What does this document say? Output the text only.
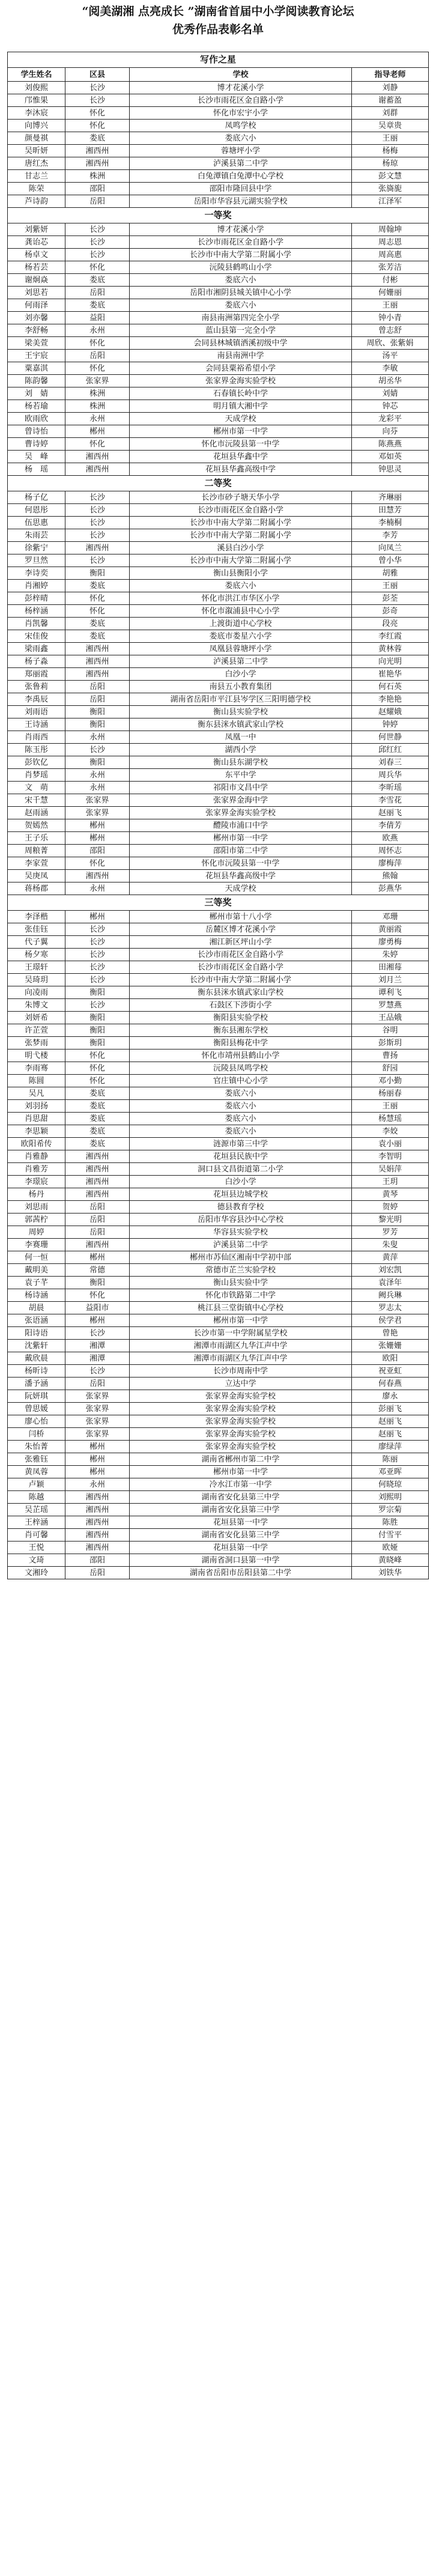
“阅美湖湘 点亮成长 ”湖南省首届中小学阅读教育论坛
优秀作品表彰名单
写作之星			
学生姓名	区县	学校	指导老师
刘俊熙	长沙	博才花溪小学	刘静
邝惟果	长沙	长沙市雨花区金自路小学	谢蓄盈
李沐宸	怀化	怀化市宏宇小学	刘群
向博兴	怀化	凤鸣学校	吴章贵
颜曼祺	娄底	娄底六小	王丽
吴昕妍	湘西州	蓉塘坪小学	杨梅
唐红杰	湘西州	泸溪县第二中学	杨琼
甘志兰	株洲	白兔潭镇白兔潭中心学校	彭文慧
陈荣	邵阳	邵阳市隆回县中学	张旖旎
芦诗韵	岳阳	岳阳市华容县元湖实验学校	江泽军
一等奖			
刘紫妍	长沙	博才花溪小学	周翰坤
龚诒芯	长沙	长沙市雨花区金自路小学	周志恩
杨卓文	长沙	长沙市中南大学第二附属小学	周高惠
杨若芸	怀化	沅陵县鹤鸣山小学	张芳洁
谢炯焱	娄底	娄底六小	付彬
刘思若	岳阳	岳阳市湘阴县城关镇中心小学	何姗丽
何雨泽	娄底	娄底六小	王丽
刘亦馨	益阳	南县南洲第四完全小学	钟小青
李舒畅	永州	蓝山县第一完全小学	曾志舒
梁美萱	怀化	会同县林城镇洒溪初级中学	周欣、张紫娟
王宇宸	岳阳	南县南洲中学	汤平
粟嘉淇	怀化	会同县粟裕希望小学	李敏
陈韵馨	张家界	张家界金海实验学校	胡丞华
刘　婧	株洲	石春镇长岭中学	刘婧
杨若瑜	株洲	明月镇大湘中学	钟芯
欧雨欣	永州	天成学校	龙彩平
曾诗怡	郴州	郴州市第一中学	向芬
曹诗婷	怀化	怀化市沅陵县第一中学	陈燕燕
吴　峰	湘西州	花垣县华鑫中学	邓如英
杨　瑶	湘西州	花垣县华鑫高级中学	钟思灵
二等奖			
杨子亿	长沙	长沙市砂子塘天华小学	齐琳丽
何恩彤	长沙	长沙市雨花区金自路小学	田慧芳
伍思惠	长沙	长沙市中南大学第二附属小学	李楠桐
朱雨芸	长沙	长沙市中南大学第二附属小学	李芳
徐紫宁	湘西州	溪县白沙小学	向凤兰
罗旦然	长沙	长沙市中南大学第二附属小学	曾小华
李诗奕	衡阳	衡山县衡阳小学	胡雅
肖湘婷	娄底	娄底六小	王丽
彭梓晴	怀化	怀化市洪江市华区小学	彭荃
杨梓涵	怀化	怀化市溆浦县中心小学	彭奇
肖凯馨	娄底	上渡街道中心学校	段亮
宋佳俊	娄底	娄底市娄星六小学	李红霞
梁雨鑫	湘西州	凤凰县蓉塘坪小学	黄林蓉
杨子淼	湘西州	泸溪县第二中学	向光明
郑丽霞	湘西州	白沙小学	崔艳华
张鲁莉	岳阳	南县五小教育集团	何石英
李禹辰	岳阳	湖南省岳阳市平江县岑学区三阳明德学校	李艳艳
刘雨语	衡阳	衡山县实验学校	赵耀娥
王诗涵	衡阳	衡东县洣水镇武家山学校	钟婷
肖雨西	永州	凤凰一中	何世静
陈玉彤	长沙	湖西小学	邱红红
彭钦亿	衡阳	衡山县东湖学校	刘春三
肖梦瑶	永州	东平中学	周兵华
文　萌	永州	祁阳市文昌中学	李昕瑶
宋千慧	张家界	张家界金海中学	李雪花
赵雨涵	张家界	张家界金海实验学校	赵丽飞
贺嫣然	郴州	醴陵市浦口中学	李倩芳
王子乐	郴州	郴州市第一中学	欧燕
周粮菁	邵阳	邵阳市第二中学	周怀志
李家萱	怀化	怀化市沅陵县第一中学	廖梅萍
吴庚凤	湘西州	花垣县华鑫高级中学	熊翰
蒋杨郡	永州	天成学校	彭燕华
三等奖			
李泽楷	郴州	郴州市第十八小学	邓珊
张佳钰	长沙	岳麓区博才花溪小学	黄丽霞
代子翼	长沙	湘江新区坪山小学	廖勇梅
杨夕寒	长沙	长沙市雨花区金自路小学	朱婷
王璟轩	长沙	长沙市雨花区金自路小学	田湘莓
吴琦玥	长沙	长沙市中南大学第二附属小学	刘月兰
向凌雨	衡阳	衡东县洣水镇武家山学校	谭利飞
朱博文	长沙	石鼓区下涉街小学	罗慧燕
刘妍希	衡阳	衡阳县实验学校	王品娥
许芷萱	衡阳	衡东县湘东学校	谷明
张梦雨	衡阳	衡阳县梅花中学	彭斯玥
明弋楼	怀化	怀化市靖州县鹤山小学	曹扬
李雨骞	怀化	沅陵县凤鸣学校	舒园
陈圆	怀化	官庄镇中心小学	邓小勤
吴凡	娄底	娄底六小	杨丽春
刘羽扬	娄底	娄底六小	王丽
肖思甜	娄底	娄底六小	杨慧瑶
李思颖	娄底	娄底六小	李姣
欧阳希传	娄底	涟源市第三中学	袁小丽
肖雅静	湘西州	花垣县民族中学	李智明
肖雅芳	湘西州	洞口县文昌街道第二小学	吴娟萍
李璟宸	湘西州	白沙小学	王玥
杨丹	湘西州	花垣县边城学校	黄琴
刘思雨	岳阳	德县教育学校	贺婷
郭茜柠	岳阳	岳阳市华容县沙中心学校	黎光明
周婷	岳阳	华容县实验学校	罗芳
李赛珊	湘西州	泸溪县第二中学	朱叟
何一恒	郴州	郴州市苏仙区湘南中学初中部	黄萍
戴明美	常德	常德市芷兰实验学校	刘宏凯
袁子芊	衡阳	衡山县实验中学	袁泽年
杨诗涵	怀化	怀化市铁路第二中学	阙兵琳
胡晨	益阳市	桃江县三堂街镇中心学校	罗志太
张语涵	郴州	郴州市第一中学	侯学君
阳诗语	长沙	长沙市第一中学附属星学校	曾艳
沈紫轩	湘潭	湘潭市雨湖区九华江声中学	张姗姗
戴欣晨	湘潭	湘潭市雨湖区九华江声中学	欧阳
杨昕诗	长沙	长沙市周南中学	祝亚虹
潘予涵	岳阳	立达中学	何春燕
阮妍琪	张家界	张家界金海实验学校	廖永
曾思媛	张家界	张家界金海实验学校	彭丽飞
廖心怡	张家界	张家界金海实验学校	赵丽飞
闫桥	张家界	张家界金海实验学校	赵丽飞
朱怡菁	郴州	张家界金海实验学校	廖绿萍
张雅钰	郴州	湖南省郴州市第二中学	陈丽
黄凤蓉	郴州	郴州市第一中学	邓亚晖
卢颖	永州	冷水江市第一中学	何晓琼
陈越	湘西州	湖南省安化县第三中学	刘熙明
吴芷瑶	湘西州	湖南省安化县第三中学	罗宗菊
王梓涵	湘西州	花垣县第一中学	陈胜
肖可馨	湘西州	湖南省安化县第三中学	付雪平
王悦	湘西州	花垣县第一中学	欧娅
文琦	邵阳	湖南省洞口县第一中学	黄晓峰
文湘玲	岳阳	湖南省岳阳市岳阳县第二中学	刘铁华
